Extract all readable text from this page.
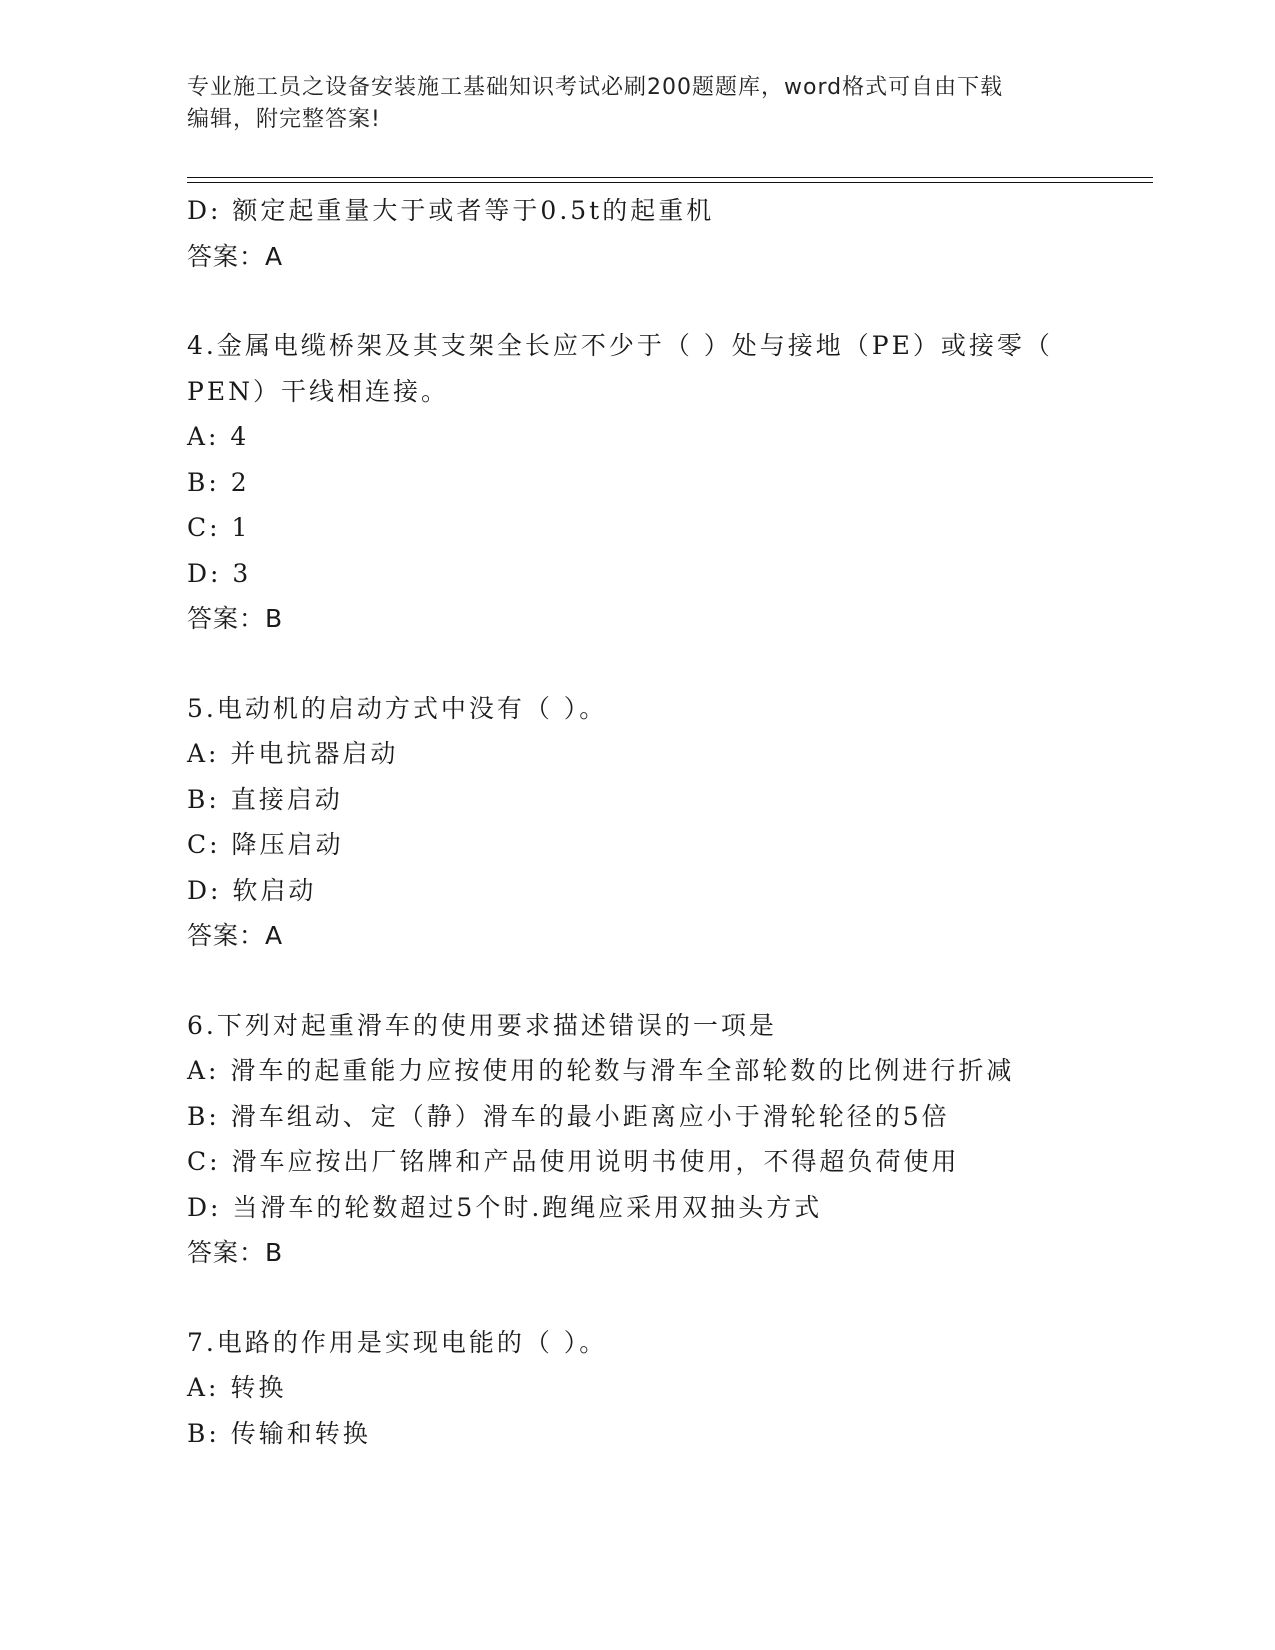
专业施工员之设备安装施工基础知识考试必刷200题题库，word格式可自由下载
编辑，附完整答案!
D: 额定起重量大于或者等于0.5t的起重机
答案：A
4.金属电缆桥架及其支架全长应不少于（ ）处与接地（PE）或接零（
PEN）干线相连接。
A: 4
B: 2
C: 1
D: 3
答案：B
5.电动机的启动方式中没有（ ）。
A: 并电抗器启动
B: 直接启动
C: 降压启动
D: 软启动
答案：A
6.下列对起重滑车的使用要求描述错误的一项是
A: 滑车的起重能力应按使用的轮数与滑车全部轮数的比例进行折减
B: 滑车组动、定（静）滑车的最小距离应小于滑轮轮径的5倍
C: 滑车应按出厂铭牌和产品使用说明书使用，不得超负荷使用
D: 当滑车的轮数超过5个时.跑绳应采用双抽头方式
答案：B
7.电路的作用是实现电能的（ ）。
A: 转换
B: 传输和转换
